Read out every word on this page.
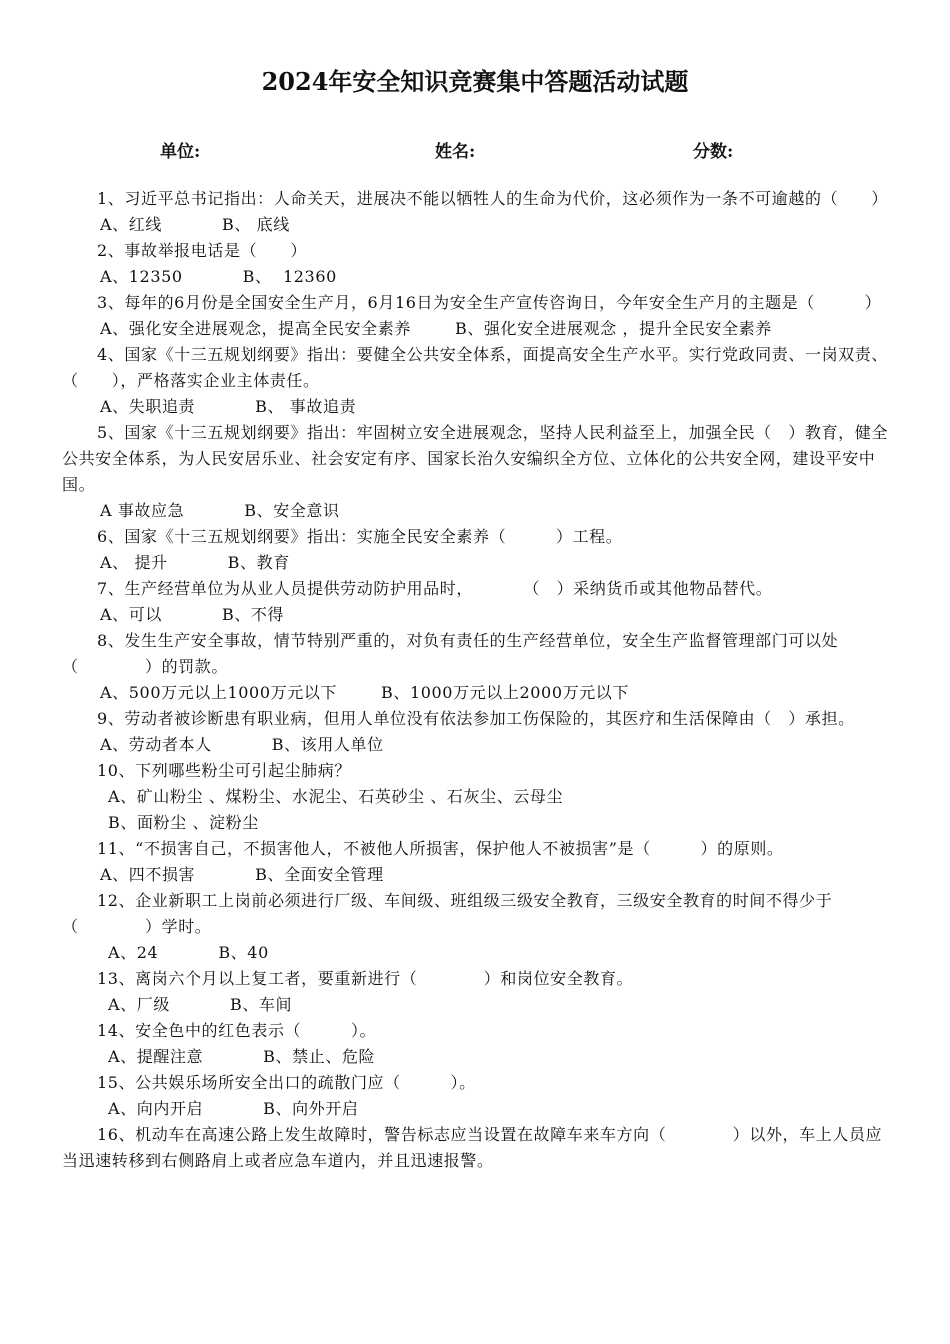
2024年安全知识竞赛集中答题活动试题
单位:	姓名:	分数:

1、习近平总书记指出：人命关天，进展决不能以牺牲人的生命为代价，这必须作为一条不可逾越的（　　）

A、红线	B、 底线

2、事故举报电话是（　　）

A、12350	B、  12360

3、每年的6月份是全国安全生产月，6月16日为安全生产宣传咨询日，今年安全生产月的主题是（　　　）

A、强化安全进展观念，提高全民安全素养	B、强化安全进展观念 ，提升全民安全素养

4、国家《十三五规划纲要》指出：要健全公共安全体系，面提高安全生产水平。实行党政同责、一岗双责、（　　），严格落实企业主体责任。

A、失职追责	B、 事故追责

5、国家《十三五规划纲要》指出：牢固树立安全进展观念，坚持人民利益至上，加强全民（　）教育，健全公共安全体系，为人民安居乐业、社会安定有序、国家长治久安编织全方位、立体化的公共安全网，建设平安中国。

A 事故应急	B、安全意识

6、国家《十三五规划纲要》指出：实施全民安全素养（　　　）工程。

A、 提升	B、教育

7、生产经营单位为从业人员提供劳动防护用品时，　　　　（　）采纳货币或其他物品替代。

A、可以	B、不得

8、发生生产安全事故，情节特别严重的，对负有责任的生产经营单位，安全生产监督管理部门可以处（　　　　）的罚款。

A、500万元以上1000万元以下	B、1000万元以上2000万元以下

9、劳动者被诊断患有职业病，但用人单位没有依法参加工伤保险的，其医疗和生活保障由（　）承担。

A、劳动者本人	B、该用人单位

10、下列哪些粉尘可引起尘肺病？

A、矿山粉尘 、煤粉尘、水泥尘、石英砂尘 、石灰尘、云母尘

B、面粉尘 、淀粉尘

11、“不损害自己，不损害他人，不被他人所损害，保护他人不被损害”是（　　　）的原则。

A、四不损害	B、全面安全管理

12、企业新职工上岗前必须进行厂级、车间级、班组级三级安全教育，三级安全教育的时间不得少于（　　　　）学时。

A、24	B、40

13、离岗六个月以上复工者，要重新进行（　　　　）和岗位安全教育。

A、厂级	B、车间

14、安全色中的红色表示（　　　）。

A、提醒注意	B、禁止、危险

15、公共娱乐场所安全出口的疏散门应（　　　）。

A、向内开启	B、向外开启

16、机动车在高速公路上发生故障时，警告标志应当设置在故障车来车方向（　　　　）以外，车上人员应当迅速转移到右侧路肩上或者应急车道内，并且迅速报警。
